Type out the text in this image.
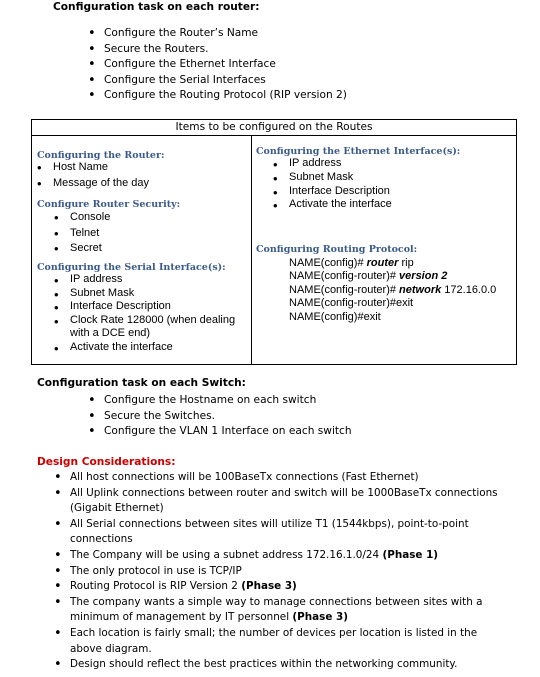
Configuration task on each router:
• Configure the Router’s Name
• Secure the Routers.
• Configure the Ethernet Interface
• Configure the Serial Interfaces
• Configure the Routing Protocol (RIP version 2)
Items to be configured on the Routes
Configuring the Router:
• Host Name
• Message of the day
Configure Router Security:
• Console
• Telnet
• Secret
Configuring the Serial Interface(s):
• IP address
• Subnet Mask
• Interface Description
• Clock Rate 128000 (when dealing
with a DCE end)
• Activate the interface
Configuring the Ethernet Interface(s):
• IP address
• Subnet Mask
• Interface Description
• Activate the interface
Configuring Routing Protocol:
NAME(config)# router rip
NAME(config-router)# version 2
NAME(config-router)# network 172.16.0.0
NAME(config-router)#exit
NAME(config)#exit
Configuration task on each Switch:
• Configure the Hostname on each switch
• Secure the Switches.
• Configure the VLAN 1 Interface on each switch
Design Considerations:
• All host connections will be 100BaseTx connections (Fast Ethernet)
• All Uplink connections between router and switch will be 1000BaseTx connections
(Gigabit Ethernet)
• All Serial connections between sites will utilize T1 (1544kbps), point-to-point
connections
• The Company will be using a subnet address 172.16.1.0/24 (Phase 1)
• The only protocol in use is TCP/IP
• Routing Protocol is RIP Version 2 (Phase 3)
• The company wants a simple way to manage connections between sites with a
minimum of management by IT personnel (Phase 3)
• Each location is fairly small; the number of devices per location is listed in the
above diagram.
• Design should reflect the best practices within the networking community.
